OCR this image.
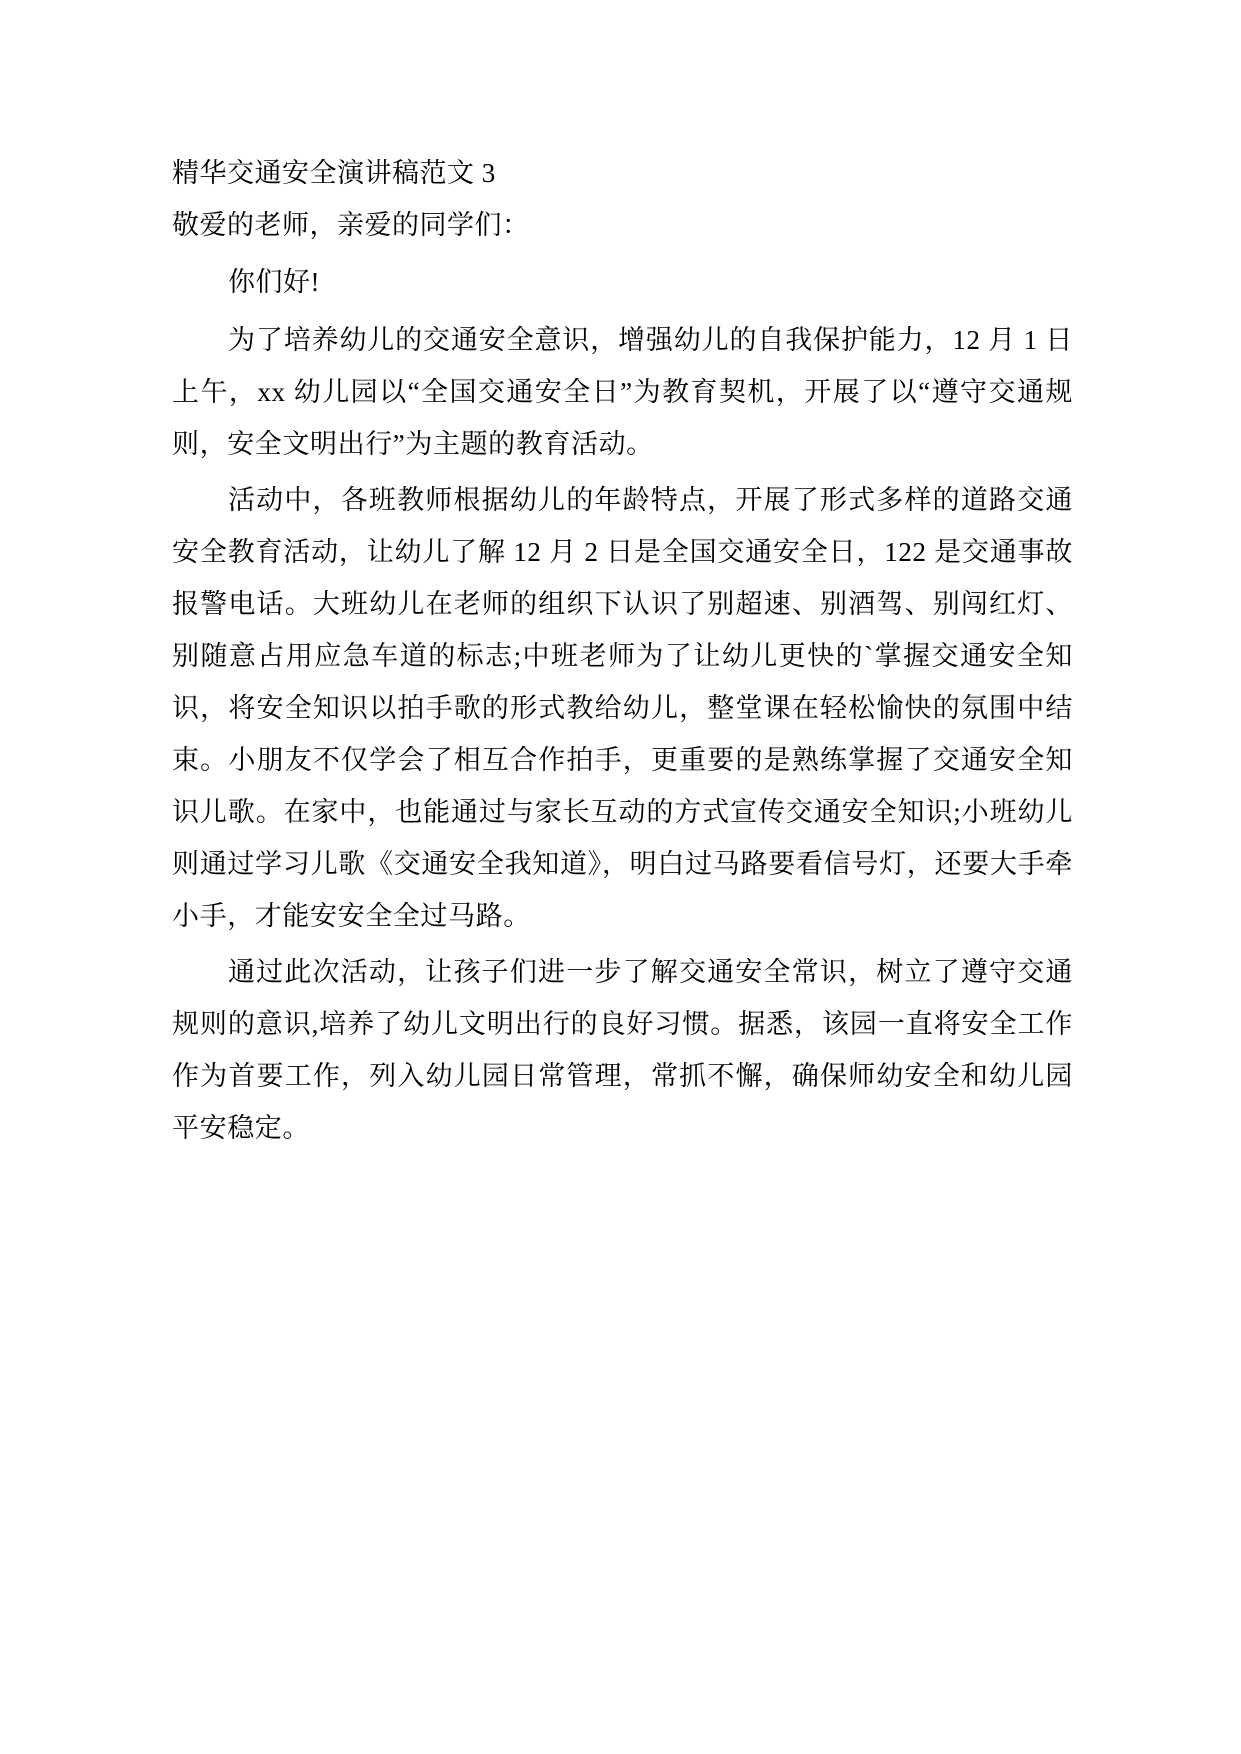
精华交通安全演讲稿范文 3

敬爱的老师，亲爱的同学们：

你们好!

为了培养幼儿的交通安全意识，增强幼儿的自我保护能力，12 月 1 日上午，xx 幼儿园以“全国交通安全日”为教育契机，开展了以“遵守交通规则，安全文明出行”为主题的教育活动。

活动中，各班教师根据幼儿的年龄特点，开展了形式多样的道路交通安全教育活动，让幼儿了解 12 月 2 日是全国交通安全日，122 是交通事故报警电话。大班幼儿在老师的组织下认识了别超速、别酒驾、别闯红灯、别随意占用应急车道的标志;中班老师为了让幼儿更快的`掌握交通安全知识，将安全知识以拍手歌的形式教给幼儿，整堂课在轻松愉快的氛围中结束。小朋友不仅学会了相互合作拍手，更重要的是熟练掌握了交通安全知识儿歌。在家中，也能通过与家长互动的方式宣传交通安全知识;小班幼儿则通过学习儿歌《交通安全我知道》，明白过马路要看信号灯，还要大手牵小手，才能安安全全过马路。

通过此次活动，让孩子们进一步了解交通安全常识，树立了遵守交通规则的意识,培养了幼儿文明出行的良好习惯。据悉，该园一直将安全工作作为首要工作，列入幼儿园日常管理，常抓不懈，确保师幼安全和幼儿园平安稳定。
